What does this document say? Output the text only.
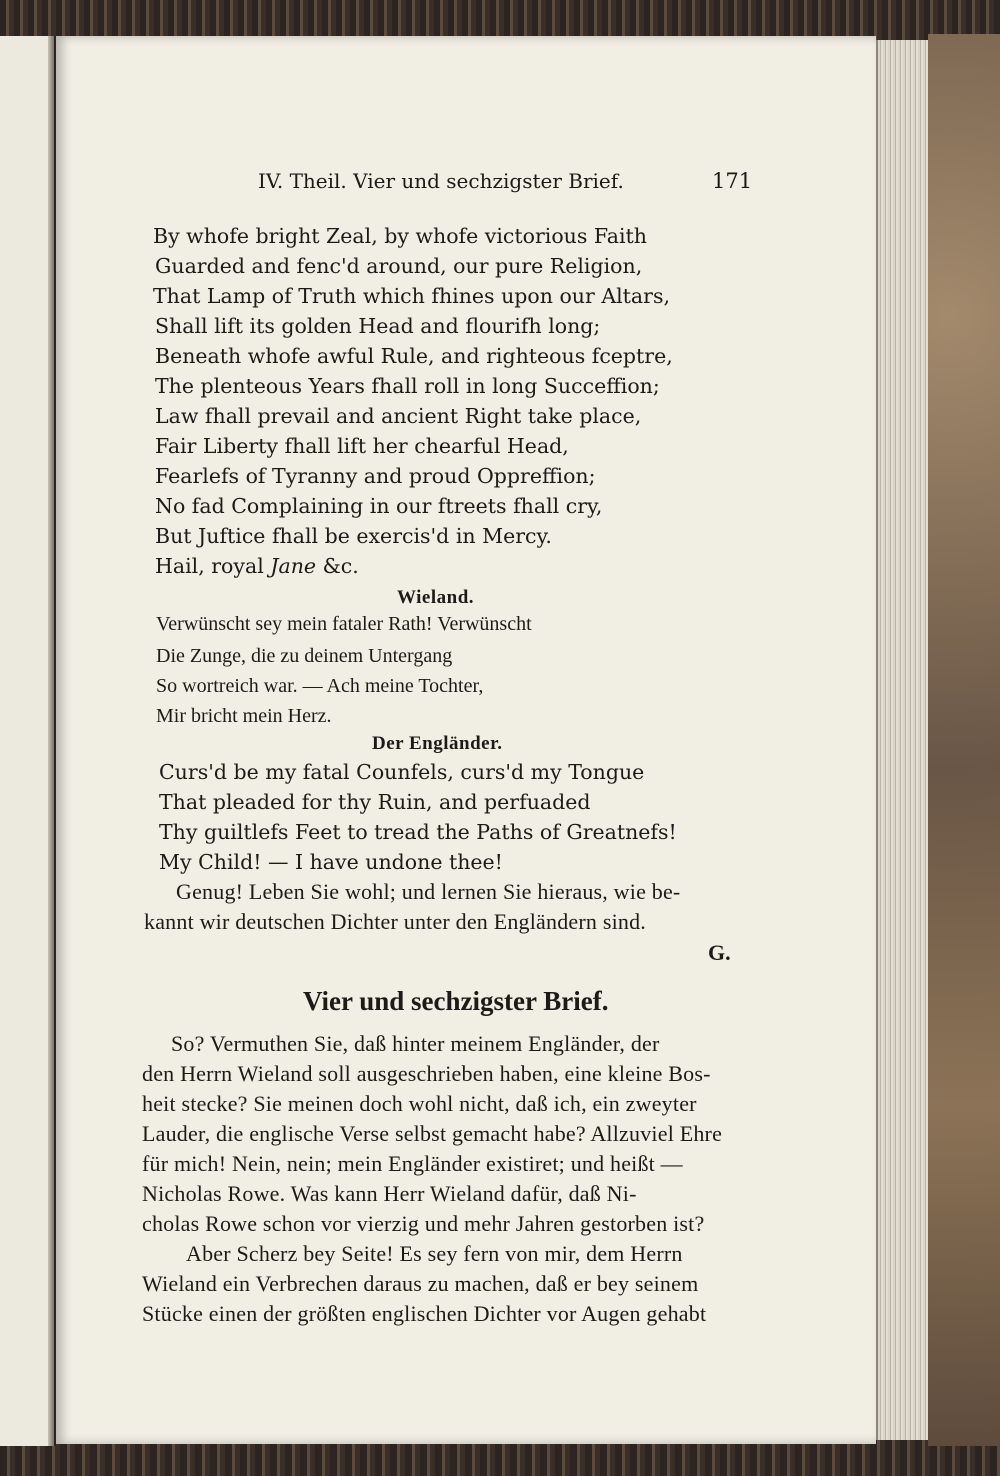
IV. Theil. Vier und sechzigster Brief.	171
By whofe bright Zeal, by whofe victorious Faith
Guarded and fenc'd around, our pure Religion,
That Lamp of Truth which fhines upon our Altars,
Shall lift its golden Head and flourifh long;
Beneath whofe awful Rule, and righteous fceptre,
The plenteous Years fhall roll in long Succeffion;
Law fhall prevail and ancient Right take place,
Fair Liberty fhall lift her chearful Head,
Fearlefs of Tyranny and proud Oppreffion;
No fad Complaining in our ftreets fhall cry,
But Juftice fhall be exercis'd in Mercy.
Hail, royal Jane &c.
Wieland.
Verwünscht sey mein fataler Rath! Verwünscht
Die Zunge, die zu deinem Untergang
So wortreich war. — Ach meine Tochter,
Mir bricht mein Herz.
Der Engländer.
Curs'd be my fatal Counfels, curs'd my Tongue
That pleaded for thy Ruin, and perfuaded
Thy guiltlefs Feet to tread the Paths of Greatnefs!
My Child! — I have undone thee!
Genug! Leben Sie wohl; und lernen Sie hieraus, wie be-
kannt wir deutschen Dichter unter den Engländern sind.
G.
Vier und sechzigster Brief.
So? Vermuthen Sie, daß hinter meinem Engländer, der
den Herrn Wieland soll ausgeschrieben haben, eine kleine Bos-
heit stecke? Sie meinen doch wohl nicht, daß ich, ein zweyter
Lauder, die englische Verse selbst gemacht habe? Allzuviel Ehre
für mich! Nein, nein; mein Engländer existiret; und heißt —
Nicholas Rowe. Was kann Herr Wieland dafür, daß Ni-
cholas Rowe schon vor vierzig und mehr Jahren gestorben ist?
Aber Scherz bey Seite! Es sey fern von mir, dem Herrn
Wieland ein Verbrechen daraus zu machen, daß er bey seinem
Stücke einen der größten englischen Dichter vor Augen gehabt
